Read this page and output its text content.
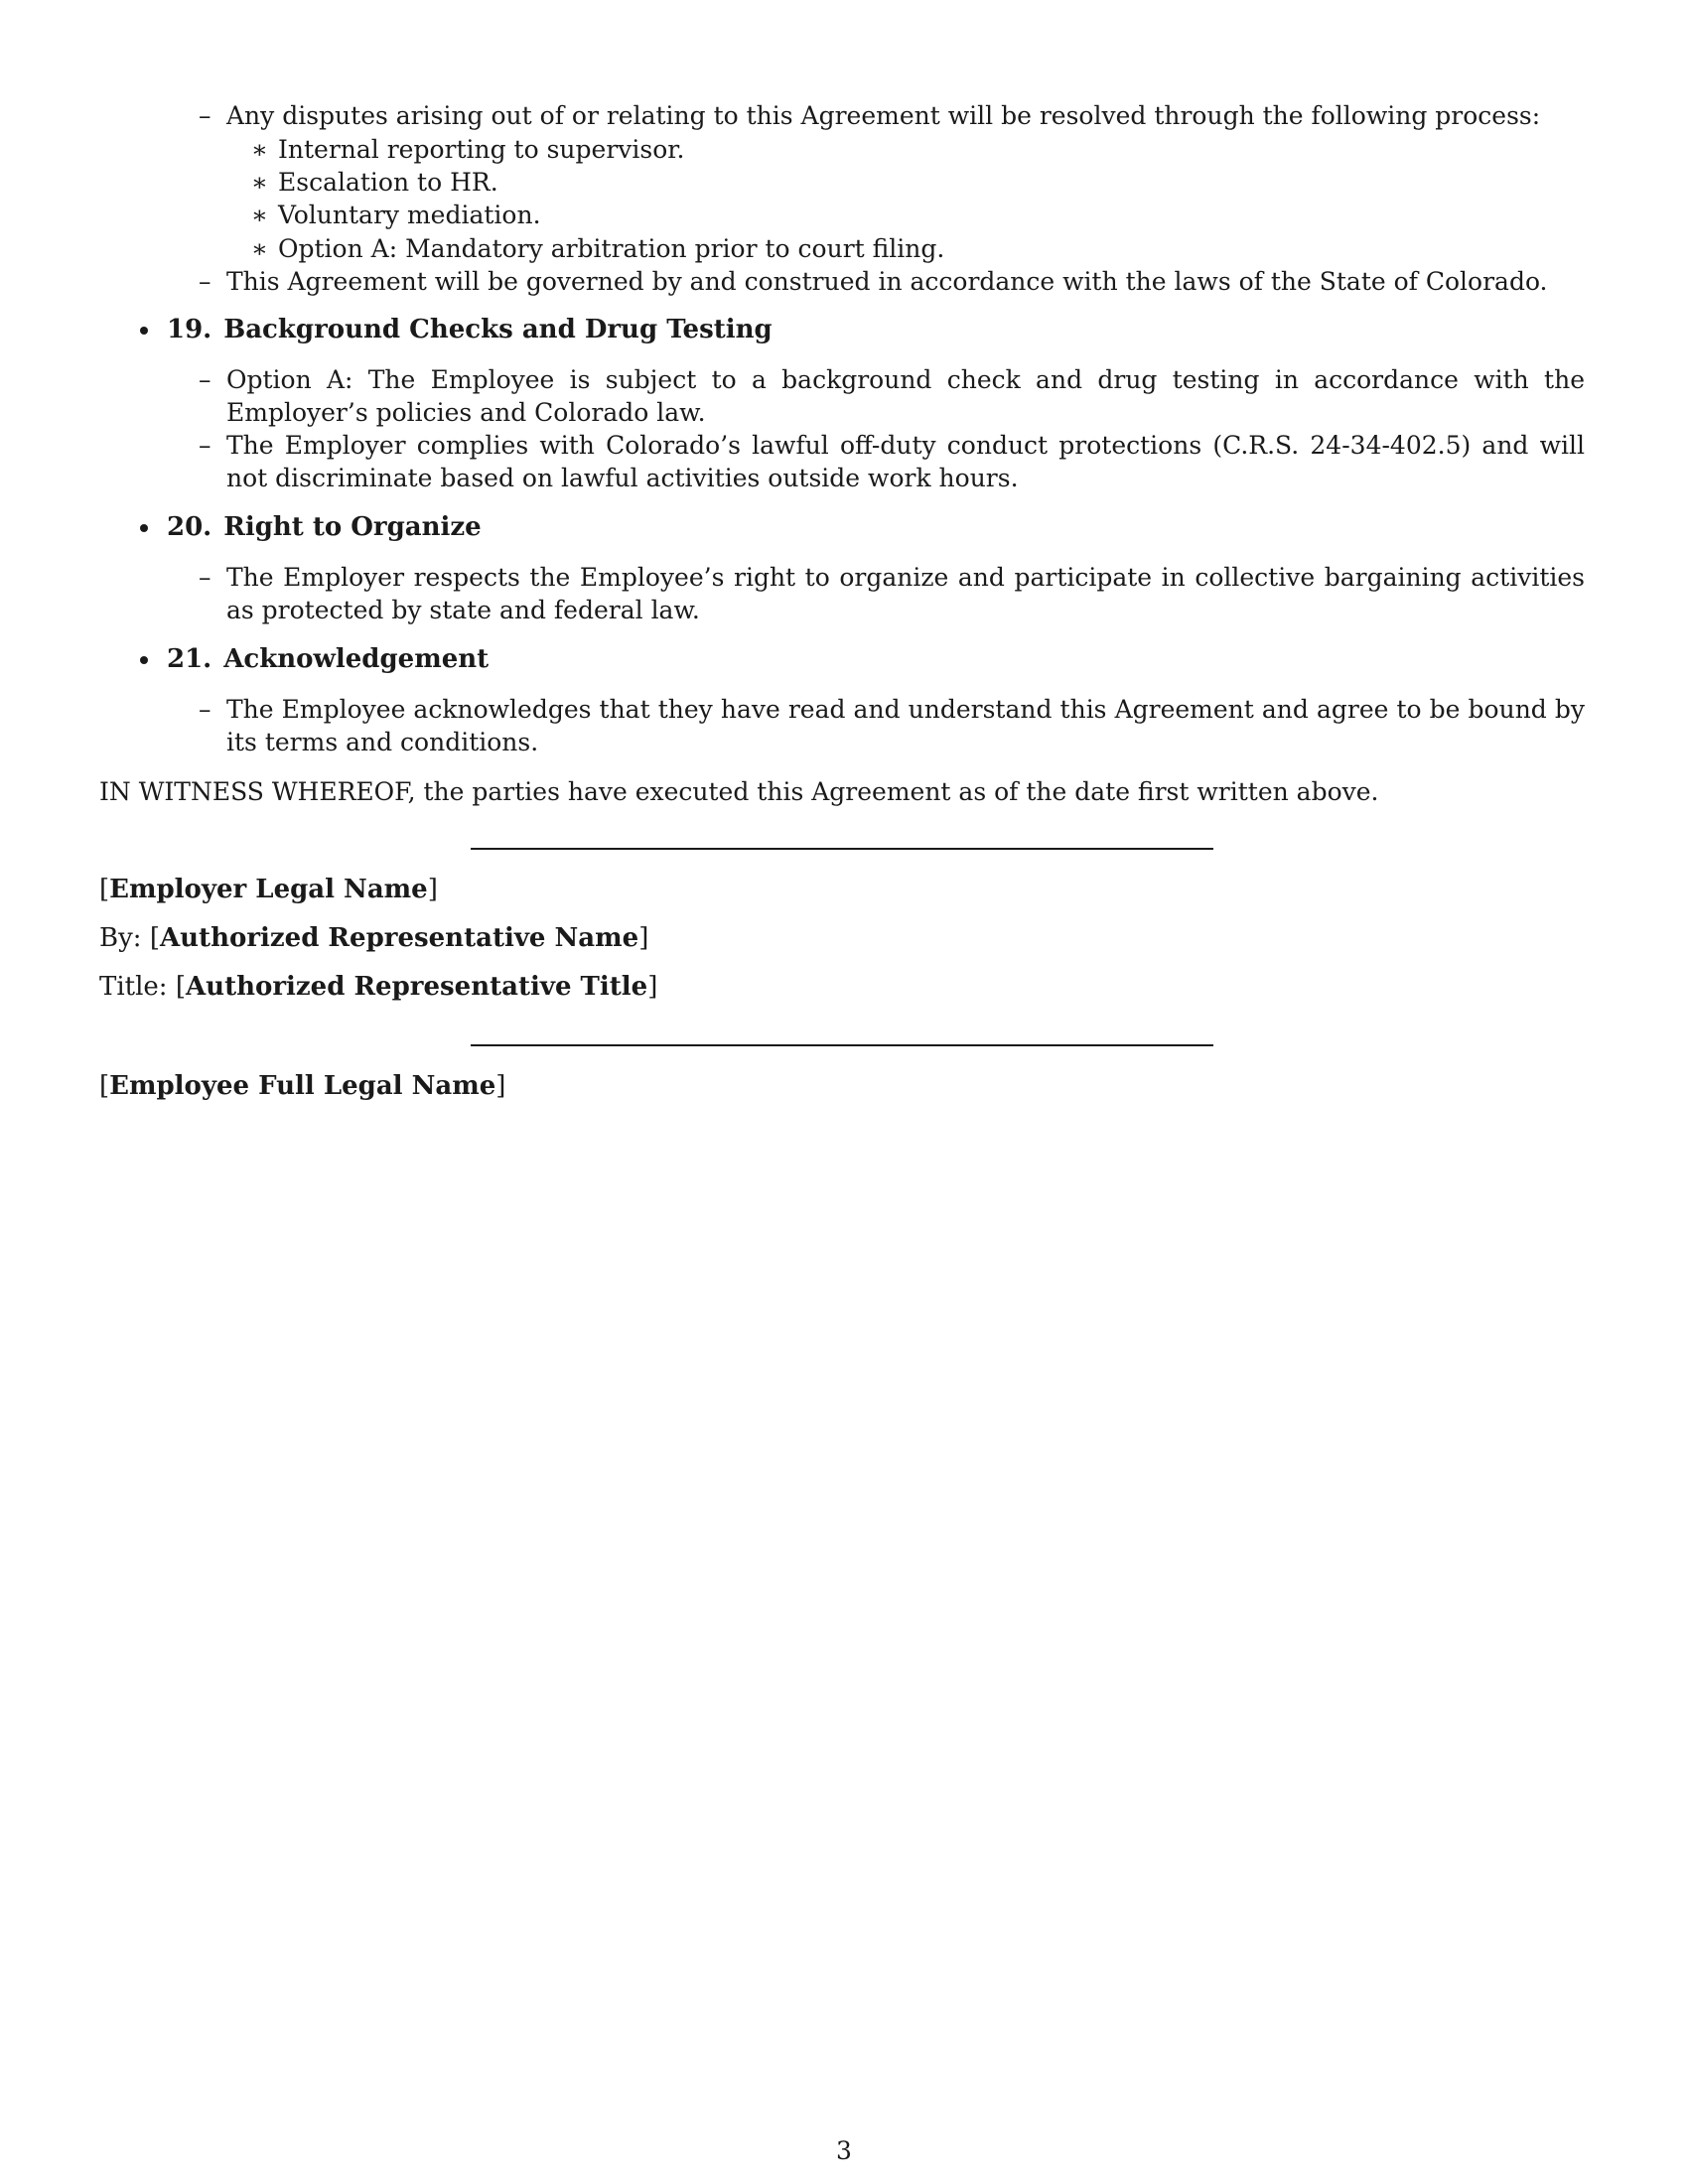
– Any disputes arising out of or relating to this Agreement will be resolved through the following process:
∗ Internal reporting to supervisor.
∗ Escalation to HR.
∗ Voluntary mediation.
∗ Option A: Mandatory arbitration prior to court filing.
– This Agreement will be governed by and construed in accordance with the laws of the State of Colorado.
19. Background Checks and Drug Testing
– Option A: The Employee is subject to a background check and drug testing in accordance with the Employer’s policies and Colorado law.
– The Employer complies with Colorado’s lawful off-duty conduct protections (C.R.S. 24-34-402.5) and will not discriminate based on lawful activities outside work hours.
20. Right to Organize
– The Employer respects the Employee’s right to organize and participate in collective bargaining activities as protected by state and federal law.
21. Acknowledgement
– The Employee acknowledges that they have read and understand this Agreement and agree to be bound by its terms and conditions.
IN WITNESS WHEREOF, the parties have executed this Agreement as of the date first written above.
[Employer Legal Name]
By: [Authorized Representative Name]
Title: [Authorized Representative Title]
[Employee Full Legal Name]
3
